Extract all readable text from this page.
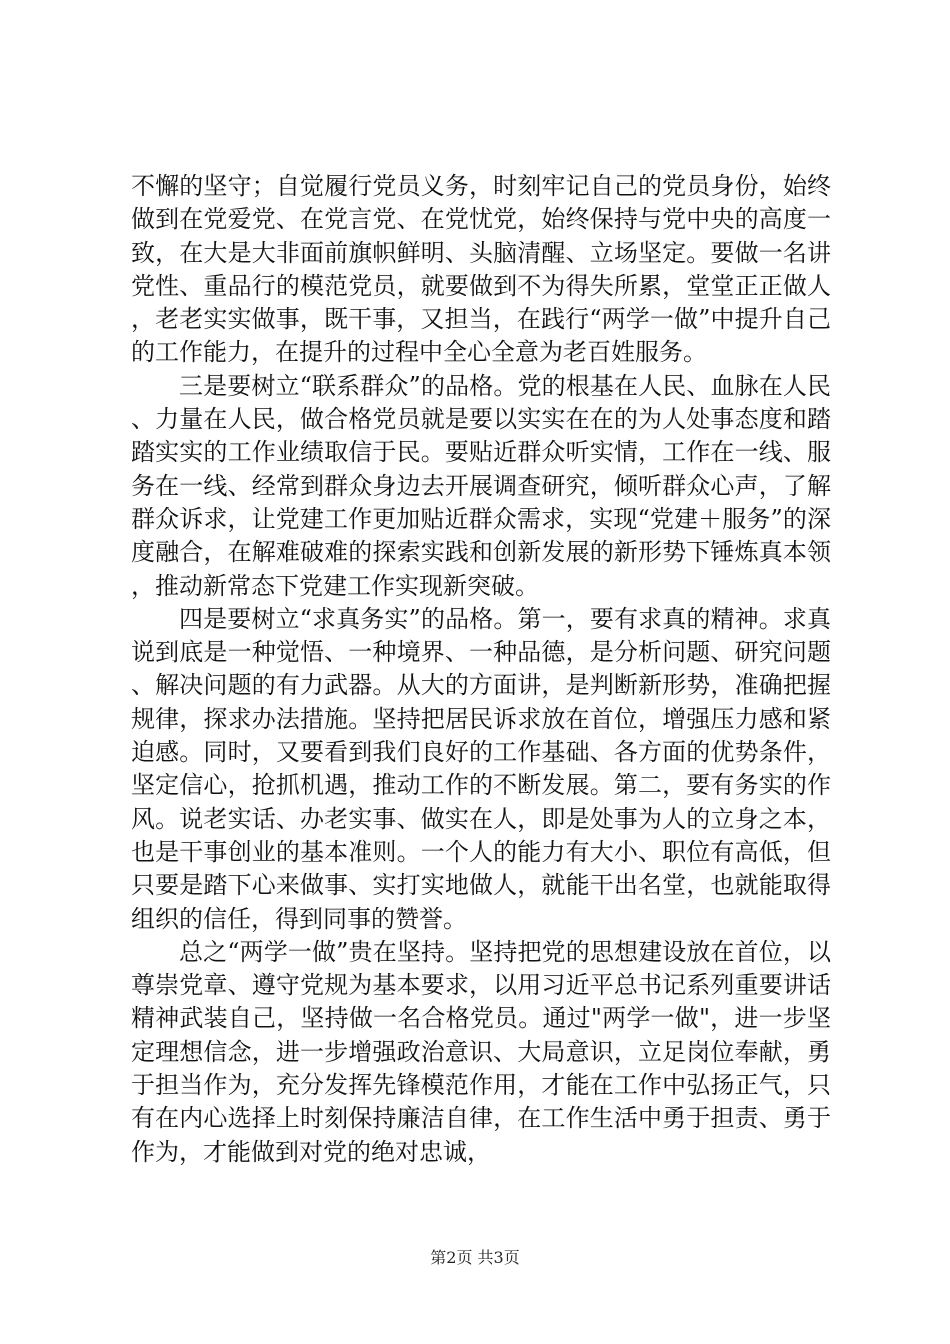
不懈的坚守；自觉履行党员义务，时刻牢记自己的党员身份，始终做到在党爱党、在党言党、在党忧党，始终保持与党中央的高度一致，在大是大非面前旗帜鲜明、头脑清醒、立场坚定。要做一名讲党性、重品行的模范党员，就要做到不为得失所累，堂堂正正做人，老老实实做事，既干事，又担当，在践行“两学一做”中提升自己的工作能力，在提升的过程中全心全意为老百姓服务。

三是要树立“联系群众”的品格。党的根基在人民、血脉在人民、力量在人民，做合格党员就是要以实实在在的为人处事态度和踏踏实实的工作业绩取信于民。要贴近群众听实情，工作在一线、服务在一线、经常到群众身边去开展调查研究，倾听群众心声，了解群众诉求，让党建工作更加贴近群众需求，实现“党建＋服务”的深度融合，在解难破难的探索实践和创新发展的新形势下锤炼真本领，推动新常态下党建工作实现新突破。

四是要树立“求真务实”的品格。第一，要有求真的精神。求真说到底是一种觉悟、一种境界、一种品德，是分析问题、研究问题、解决问题的有力武器。从大的方面讲，是判断新形势，准确把握规律，探求办法措施。坚持把居民诉求放在首位，增强压力感和紧迫感。同时，又要看到我们良好的工作基础、各方面的优势条件，坚定信心，抢抓机遇，推动工作的不断发展。第二，要有务实的作风。说老实话、办老实事、做实在人，即是处事为人的立身之本，也是干事创业的基本准则。一个人的能力有大小、职位有高低，但只要是踏下心来做事、实打实地做人，就能干出名堂，也就能取得组织的信任，得到同事的赞誉。

总之“两学一做”贵在坚持。坚持把党的思想建设放在首位，以尊崇党章、遵守党规为基本要求，以用习近平总书记系列重要讲话精神武装自己，坚持做一名合格党员。通过"两学一做"，进一步坚定理想信念，进一步增强政治意识、大局意识，立足岗位奉献，勇于担当作为，充分发挥先锋模范作用，才能在工作中弘扬正气，只有在内心选择上时刻保持廉洁自律，在工作生活中勇于担责、勇于作为，才能做到对党的绝对忠诚，

第2页 共3页
